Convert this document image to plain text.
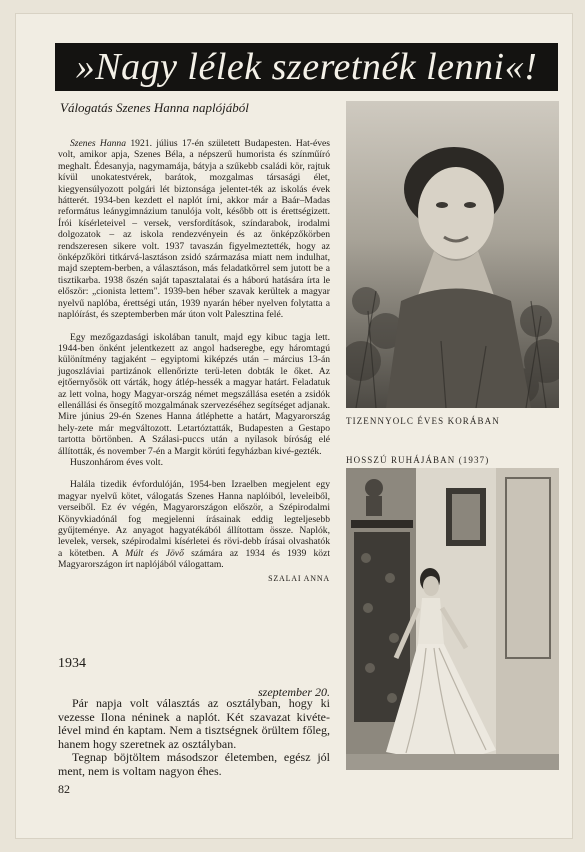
»Nagy lélek szeretnék lenni«!
Válogatás Szenes Hanna naplójából

Szenes Hanna 1921. július 17-én született Budapesten. Hat-éves volt, amikor apja, Szenes Béla, a népszerű humorista és színműíró meghalt. Édesanyja, nagymamája, bátyja a szűkebb családi kör, rajtuk kívül unokatestvérek, barátok, mozgalmas társasági élet, kiegyensúlyozott polgári lét biztonsága jelentet-ték az iskolás évek hátterét. 1934-ben kezdett el naplót írni, akkor már a Baár–Madas református leánygimnázium tanulója volt, később ott is érettségizett. Írói kísérleteivel – versek, versfordítások, színdarabok, irodalmi dolgozatok – az iskola rendezvényein és az önképzőkörben rendszeresen sikere volt. 1937 tavaszán figyelmeztették, hogy az önképzőköri titkárvá-lasztáson zsidó származása miatt nem indulhat, majd szeptem-berben, a választáson, más feladatkörrel sem jutott be a tisztikarba. 1938 őszén saját tapasztalatai és a háború hatására írta le először: „cionista lettem". 1939-ben héber szavak kerültek a magyar nyelvű naplóba, érettségi után, 1939 nyarán héber nyelven folytatta a naplóírást, és szeptemberben már úton volt Palesztina felé.

Egy mezőgazdasági iskolában tanult, majd egy kibuc tagja lett. 1944-ben önként jelentkezett az angol hadseregbe, egy háromtagú különítmény tagjaként – egyiptomi kiképzés után – március 13-án jugoszláviai partizánok ellenőrizte terü-leten dobták le őket. Az ejtőernyősök ott várták, hogy átlép-hessék a magyar határt. Feladatuk az lett volna, hogy Magyar-ország német megszállása esetén a zsidók ellenállási és önsegítő mozgalmának szervezéséhez segítséget adjanak. Mire június 29-én Szenes Hanna átléphette a határt, Magyarország hely-zete már megváltozott. Letartóztatták, Budapesten a Gestapo tartotta börtönben. A Szálasi-puccs után a nyilasok bíróság elé állították, és november 7-én a Margit körúti fegyházban kivé-gezték.

Huszonhárom éves volt.

Halála tizedik évfordulóján, 1954-ben Izraelben megjelent egy magyar nyelvű kötet, válogatás Szenes Hanna naplóiból, leveleiből, verseiből. Ez év végén, Magyarországon először, a Szépirodalmi Könyvkiadónál fog megjelenni írásainak eddig legteljesebb gyűjteménye. Az anyagot hagyatékából állítottam össze. Naplók, levelek, versek, szépirodalmi kísérletei és rövi-debb írásai olvashatók a kötetben. A Múlt és Jövő számára az 1934 és 1939 közt Magyarországon írt naplójából válogattam.

SZALAI ANNA
TIZENNYOLC ÉVES KORÁBAN
HOSSZÚ RUHÁJÁBAN (1937)
1934
szeptember 20.

Pár napja volt választás az osztályban, hogy ki vezesse Ilona néninek a naplót. Két szavazat kivéte-lével mind én kaptam. Nem a tisztségnek örültem főleg, hanem hogy szeretnek az osztályban.

Tegnap böjtöltem másodszor életemben, egész jól ment, nem is voltam nagyon éhes.

82
